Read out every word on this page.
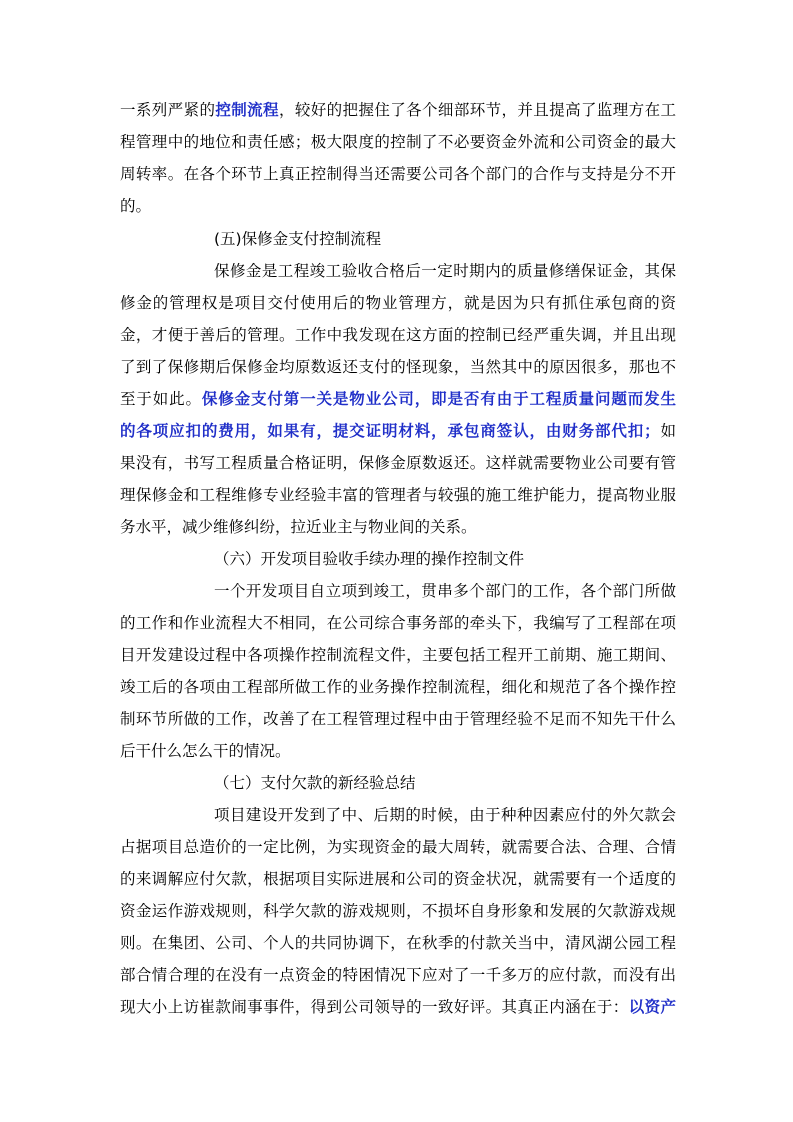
一系列严紧的控制流程，较好的把握住了各个细部环节，并且提高了监理方在工

程管理中的地位和责任感；极大限度的控制了不必要资金外流和公司资金的最大

周转率。在各个环节上真正控制得当还需要公司各个部门的合作与支持是分不开

的。

(五)保修金支付控制流程

保修金是工程竣工验收合格后一定时期内的质量修缮保证金，其保

修金的管理权是项目交付使用后的物业管理方，就是因为只有抓住承包商的资

金，才便于善后的管理。工作中我发现在这方面的控制已经严重失调，并且出现

了到了保修期后保修金均原数返还支付的怪现象，当然其中的原因很多，那也不

至于如此。保修金支付第一关是物业公司，即是否有由于工程质量问题而发生

的各项应扣的费用，如果有，提交证明材料，承包商签认，由财务部代扣；如

果没有，书写工程质量合格证明，保修金原数返还。这样就需要物业公司要有管

理保修金和工程维修专业经验丰富的管理者与较强的施工维护能力，提高物业服

务水平，减少维修纠纷，拉近业主与物业间的关系。

（六）开发项目验收手续办理的操作控制文件

一个开发项目自立项到竣工，贯串多个部门的工作，各个部门所做

的工作和作业流程大不相同，在公司综合事务部的牵头下，我编写了工程部在项

目开发建设过程中各项操作控制流程文件，主要包括工程开工前期、施工期间、

竣工后的各项由工程部所做工作的业务操作控制流程，细化和规范了各个操作控

制环节所做的工作，改善了在工程管理过程中由于管理经验不足而不知先干什么

后干什么怎么干的情况。

（七）支付欠款的新经验总结

项目建设开发到了中、后期的时候，由于种种因素应付的外欠款会

占据项目总造价的一定比例，为实现资金的最大周转，就需要合法、合理、合情

的来调解应付欠款，根据项目实际进展和公司的资金状况，就需要有一个适度的

资金运作游戏规则，科学欠款的游戏规则，不损坏自身形象和发展的欠款游戏规

则。在集团、公司、个人的共同协调下，在秋季的付款关当中，清风湖公园工程

部合情合理的在没有一点资金的特困情况下应对了一千多万的应付款，而没有出

现大小上访崔款闹事事件，得到公司领导的一致好评。其真正内涵在于：以资产
